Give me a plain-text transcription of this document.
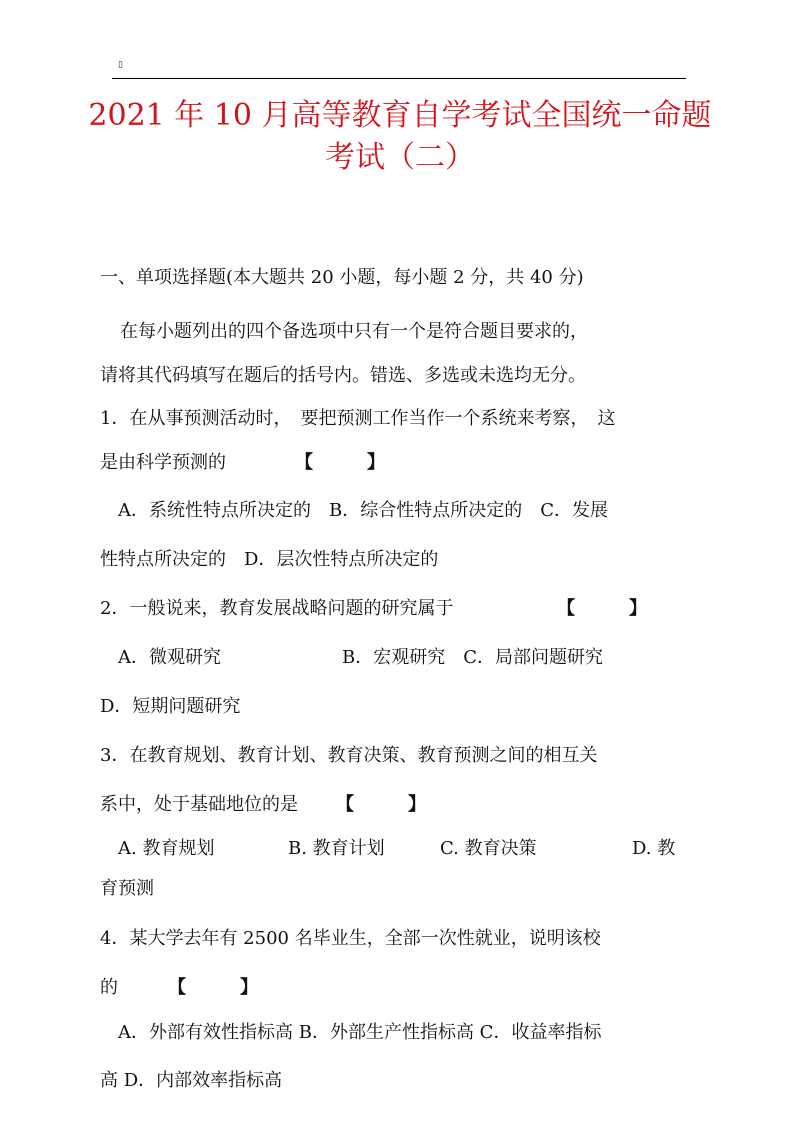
▯
2021 年 10 月高等教育自学考试全国统一命题
考试（二）
一、单项选择题(本大题共 20 小题，每小题 2 分，共 40 分)
在每小题列出的四个备选项中只有一个是符合题目要求的，
请将其代码填写在题后的括号内。错选、多选或未选均无分。
1．在从事预测活动时，　要把预测工作当作一个系统来考察，　这
是由科学预测的	【　　　】
A．系统性特点所决定的　B．综合性特点所决定的　C．发展
性特点所决定的　D．层次性特点所决定的
2．一般说来，教育发展战略问题的研究属于	【　　　】
A．微观研究	B．宏观研究　C．局部问题研究
D．短期问题研究
3．在教育规划、教育计划、教育决策、教育预测之间的相互关
系中，处于基础地位的是 【　　　】
A. 教育规划	B. 教育计划	C. 教育决策	D. 教
育预测
4．某大学去年有 2500 名毕业生，全部一次性就业，说明该校
的	【　　　】
A．外部有效性指标高 B．外部生产性指标高 C．收益率指标
高 D．内部效率指标高
